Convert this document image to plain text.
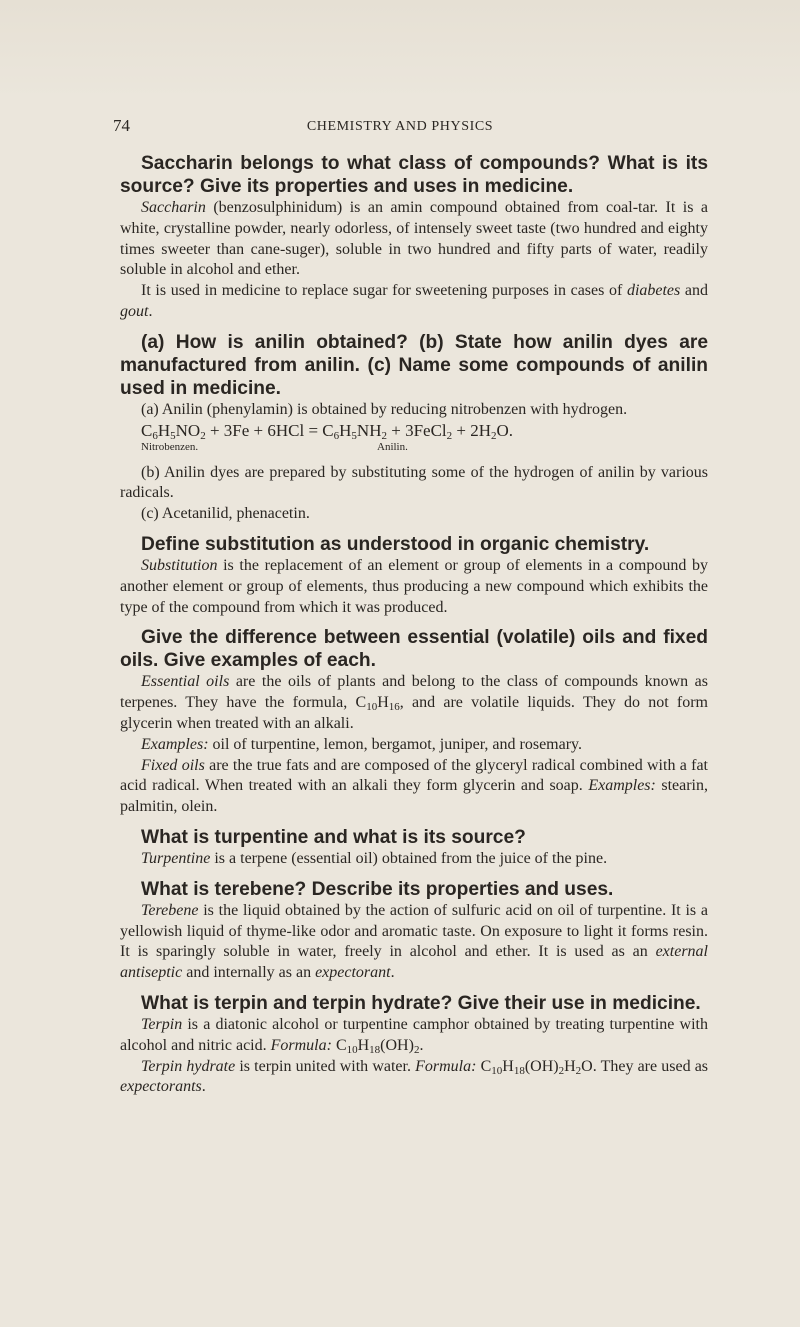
74	CHEMISTRY AND PHYSICS
Saccharin belongs to what class of compounds? What is its source? Give its properties and uses in medicine.

Saccharin (benzosulphinidum) is an amin compound obtained from coal-tar. It is a white, crystalline powder, nearly odorless, of intensely sweet taste (two hundred and eighty times sweeter than cane-suger), soluble in two hundred and fifty parts of water, readily soluble in alcohol and ether.

It is used in medicine to replace sugar for sweetening purposes in cases of diabetes and gout.

(a) How is anilin obtained? (b) State how anilin dyes are manufactured from anilin. (c) Name some compounds of anilin used in medicine.

(a) Anilin (phenylamin) is obtained by reducing nitrobenzen with hydrogen.

$C_6H_5NO_2 + 3Fe + 6HCl = C_6H_5NH_2$ + 3FeCl$_2$ + $2H_2O$.
Nitrobenzen.	Anilin.

(b) Anilin dyes are prepared by substituting some of the hydrogen of anilin by various radicals.

(c) Acetanilid, phenacetin.

Define substitution as understood in organic chemistry.

Substitution is the replacement of an element or group of elements in a compound by another element or group of elements, thus producing a new compound which exhibits the type of the compound from which it was produced.

Give the difference between essential (volatile) oils and fixed oils. Give examples of each.

Essential oils are the oils of plants and belong to the class of compounds known as terpenes. They have the formula, $C_{10}H_{16}$, and are volatile liquids. They do not form glycerin when treated with an alkali.

Examples: oil of turpentine, lemon, bergamot, juniper, and rosemary.

Fixed oils are the true fats and are composed of the glyceryl radical combined with a fat acid radical. When treated with an alkali they form glycerin and soap. Examples: stearin, palmitin, olein.

What is turpentine and what is its source?

Turpentine is a terpene (essential oil) obtained from the juice of the pine.

What is terebene? Describe its properties and uses.

Terebene is the liquid obtained by the action of sulfuric acid on oil of turpentine. It is a yellowish liquid of thyme-like odor and aromatic taste. On exposure to light it forms resin. It is sparingly soluble in water, freely in alcohol and ether. It is used as an external antiseptic and internally as an expectorant.

What is terpin and terpin hydrate? Give their use in medicine.

Terpin is a diatonic alcohol or turpentine camphor obtained by treating turpentine with alcohol and nitric acid. Formula: $C_{10}H_{18}(OH)_2$.

Terpin hydrate is terpin united with water. Formula: $C_{10}H_{18}(OH)_2H_2O$. They are used as expectorants.
